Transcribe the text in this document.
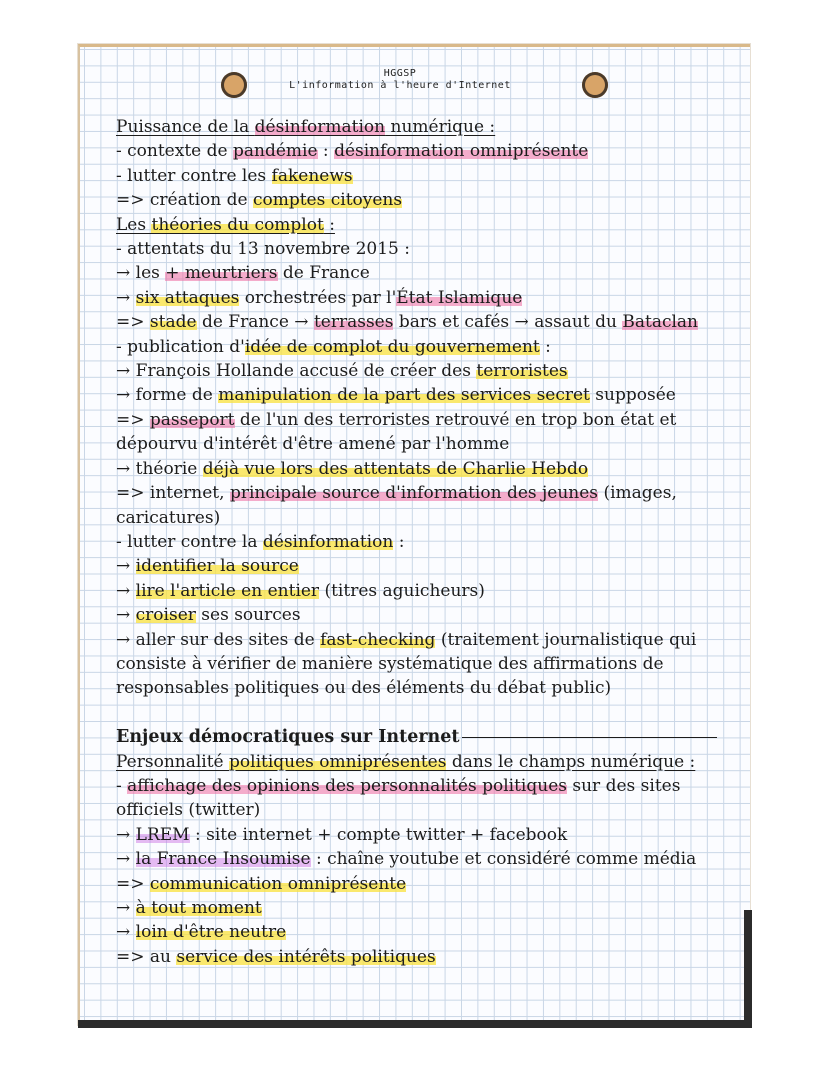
HGGSP
L'information à l'heure d'Internet
Puissance de la désinformation numérique :
- contexte de pandémie : désinformation omniprésente
- lutter contre les fakenews
=> création de comptes citoyens
Les théories du complot :
- attentats du 13 novembre 2015 :
→ les + meurtriers de France
→ six attaques orchestrées par l'État Islamique
=> stade de France → terrasses bars et cafés → assaut du Bataclan
- publication d'idée de complot du gouvernement :
→ François Hollande accusé de créer des terroristes
→ forme de manipulation de la part des services secret supposée
=> passeport de l'un des terroristes retrouvé en trop bon état et
dépourvu d'intérêt d'être amené par l'homme
→ théorie déjà vue lors des attentats de Charlie Hebdo
=> internet, principale source d'information des jeunes (images,
caricatures)
- lutter contre la désinformation :
→ identifier la source
→ lire l'article en entier (titres aguicheurs)
→ croiser ses sources
→ aller sur des sites de fast-checking (traitement journalistique qui
consiste à vérifier de manière systématique des affirmations de
responsables politiques ou des éléments du débat public)
Enjeux démocratiques sur Internet
Personnalité politiques omniprésentes dans le champs numérique :
- affichage des opinions des personnalités politiques sur des sites
officiels (twitter)
→ LREM : site internet + compte twitter + facebook
→ la France Insoumise : chaîne youtube et considéré comme média
=> communication omniprésente
→ à tout moment
→ loin d'être neutre
=> au service des intérêts politiques
